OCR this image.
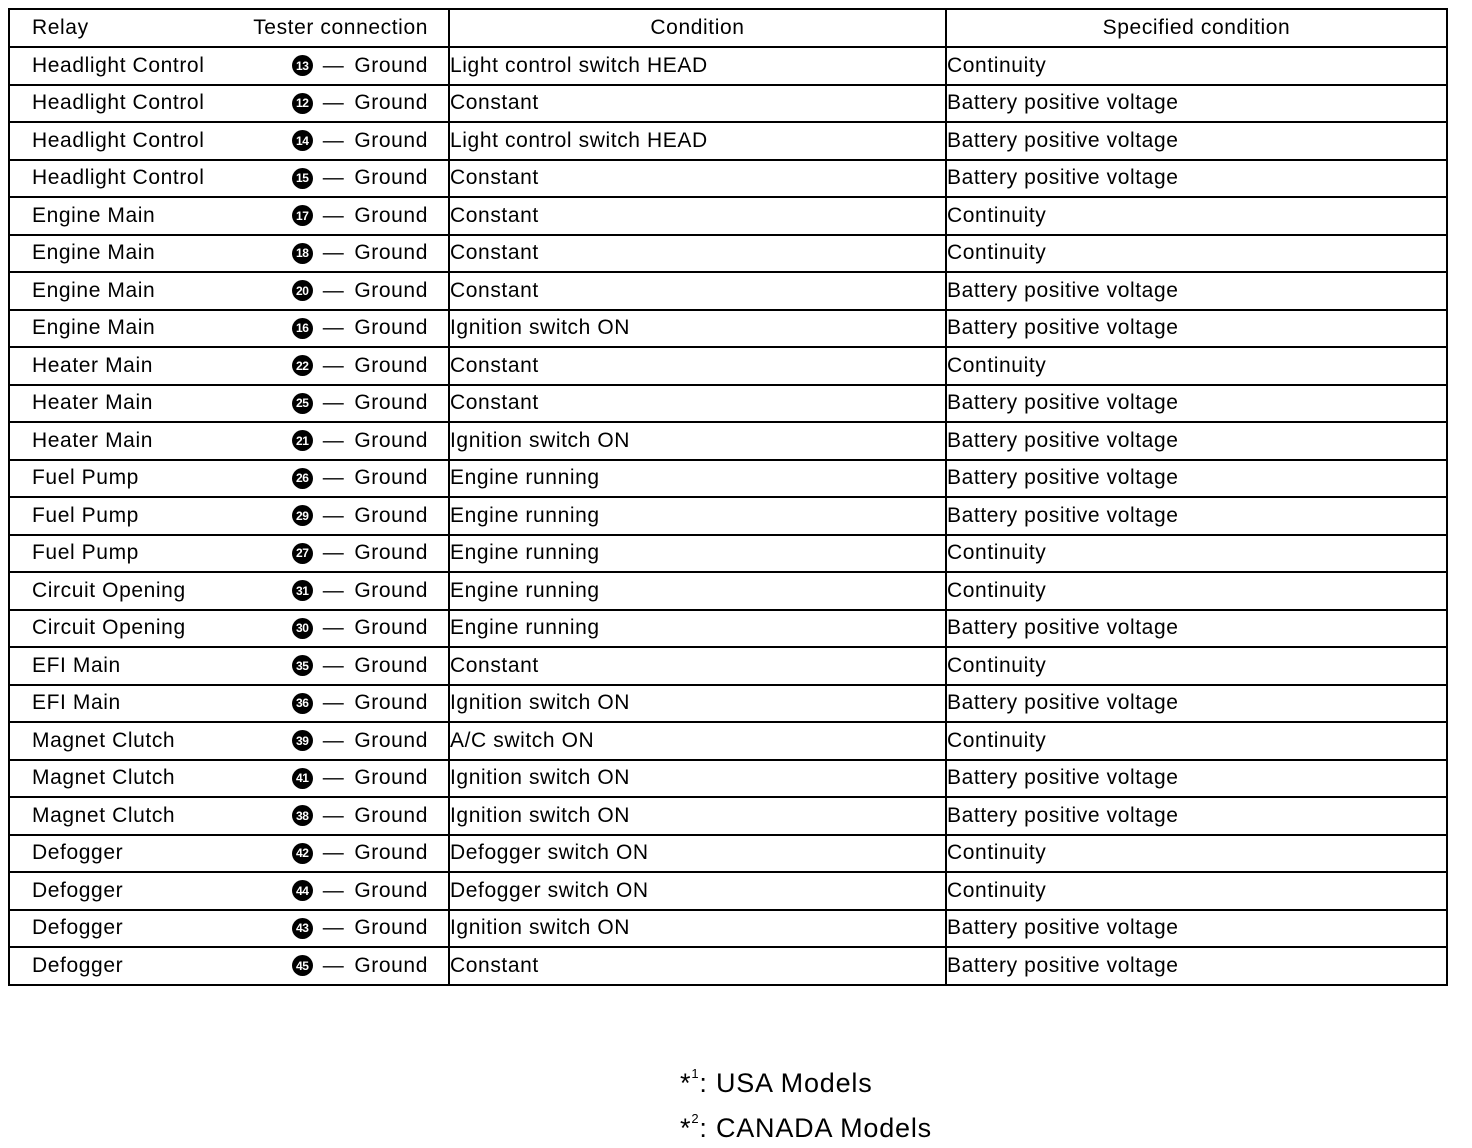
Relay Tester connection	Condition	Specified condition

Headlight Control 13 — Ground	Light control switch HEAD	Continuity

Headlight Control 12 — Ground	Constant	Battery positive voltage

Headlight Control 14 — Ground	Light control switch HEAD	Battery positive voltage

Headlight Control 15 — Ground	Constant	Battery positive voltage

Engine Main 17 — Ground	Constant	Continuity

Engine Main 18 — Ground	Constant	Continuity

Engine Main 20 — Ground	Constant	Battery positive voltage

Engine Main 16 — Ground	Ignition switch ON	Battery positive voltage

Heater Main 22 — Ground	Constant	Continuity

Heater Main 25 — Ground	Constant	Battery positive voltage

Heater Main 21 — Ground	Ignition switch ON	Battery positive voltage

Fuel Pump 26 — Ground	Engine running	Battery positive voltage

Fuel Pump 29 — Ground	Engine running	Battery positive voltage

Fuel Pump 27 — Ground	Engine running	Continuity

Circuit Opening 31 — Ground	Engine running	Continuity

Circuit Opening 30 — Ground	Engine running	Battery positive voltage

EFI Main 35 — Ground	Constant	Continuity

EFI Main 36 — Ground	Ignition switch ON	Battery positive voltage

Magnet Clutch 39 — Ground	A/C switch ON	Continuity

Magnet Clutch 41 — Ground	Ignition switch ON	Battery positive voltage

Magnet Clutch 38 — Ground	Ignition switch ON	Battery positive voltage

Defogger 42 — Ground	Defogger switch ON	Continuity

Defogger 44 — Ground	Defogger switch ON	Continuity

Defogger 43 — Ground	Ignition switch ON	Battery positive voltage

Defogger 45 — Ground	Constant	Battery positive voltage
*$^1$: USA Models
*$^2$: CANADA Models
